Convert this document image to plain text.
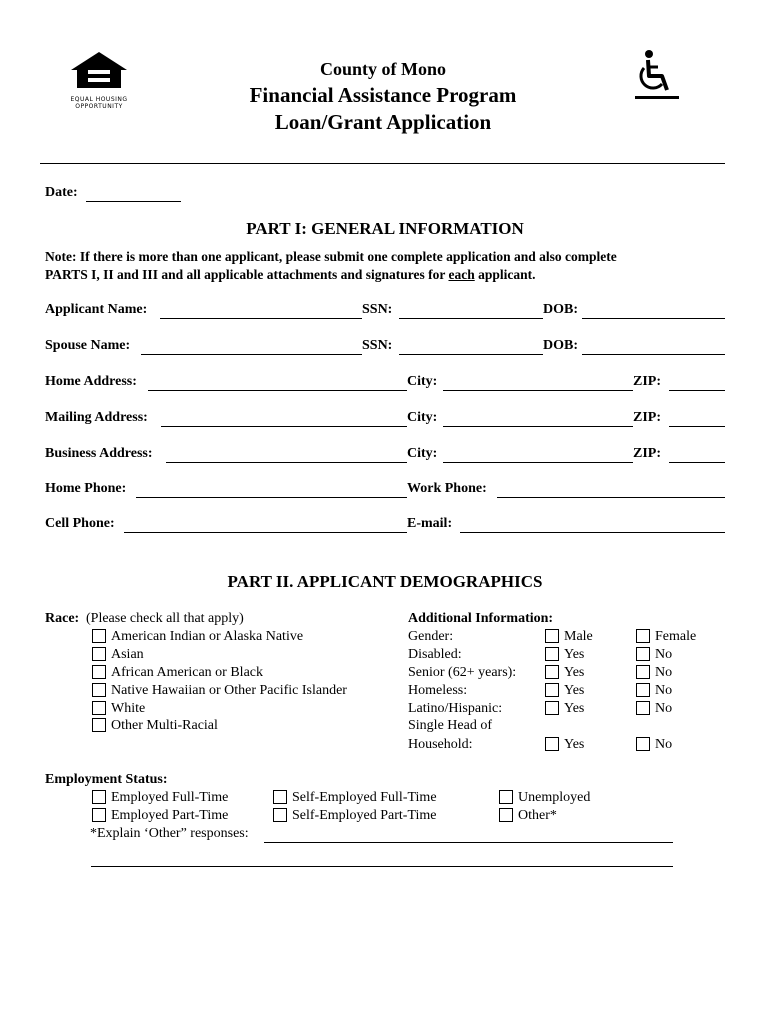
EQUAL HOUSING
OPPORTUNITY
County of Mono
Financial Assistance Program
Loan/Grant Application
Date:
PART I: GENERAL INFORMATION
Note: If there is more than one applicant, please submit one complete application and also complete
PARTS I, II and III and all applicable attachments and signatures for each applicant.
Applicant Name:	SSN:	DOB:
Spouse Name:	SSN:	DOB:
Home Address:	City:	ZIP:
Mailing Address:	City:	ZIP:
Business Address:	City:	ZIP:
Home Phone:	Work Phone:
Cell Phone:	E-mail:
PART II. APPLICANT DEMOGRAPHICS
Race: (Please check all that apply)
American Indian or Alaska Native
Asian
African American or Black
Native Hawaiian or Other Pacific Islander
White
Other Multi-Racial
Additional Information:
Gender:	Male	Female
Disabled:	Yes	No
Senior (62+ years):	Yes	No
Homeless:	Yes	No
Latino/Hispanic:	Yes	No
Single Head of
Household:	Yes	No
Employment Status:
Employed Full-Time	Self-Employed Full-Time	Unemployed
Employed Part-Time	Self-Employed Part-Time	Other*
*Explain ‘Other” responses:
